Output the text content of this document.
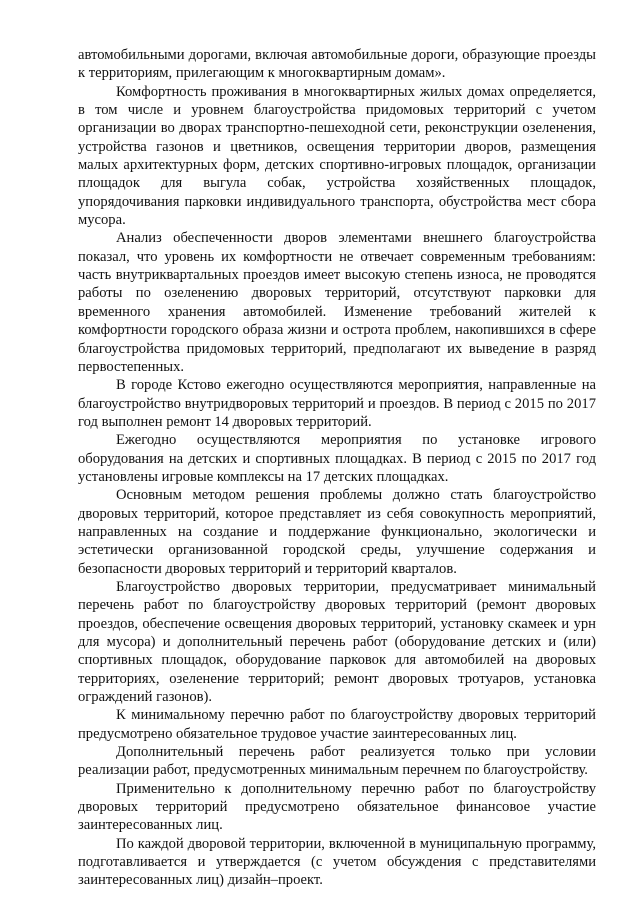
автомобильными дорогами, включая автомобильные дороги, образующие проезды к территориям, прилегающим к многоквартирным домам».

Комфортность проживания в многоквартирных жилых домах определяется, в том числе и уровнем благоустройства придомовых территорий с учетом организации во дворах транспортно-пешеходной сети, реконструкции озеленения, устройства газонов и цветников, освещения территории дворов, размещения малых архитектурных форм, детских спортивно-игровых площадок, организации площадок для выгула собак, устройства хозяйственных площадок, упорядочивания парковки индивидуального транспорта, обустройства мест сбора мусора.

Анализ обеспеченности дворов элементами внешнего благоустройства показал, что уровень их комфортности не отвечает современным требованиям: часть внутриквартальных проездов имеет высокую степень износа, не проводятся работы по озеленению дворовых территорий, отсутствуют парковки для временного хранения автомобилей. Изменение требований жителей к комфортности городского образа жизни и острота проблем, накопившихся в сфере благоустройства придомовых территорий, предполагают их выведение в разряд первостепенных.

В городе Кстово ежегодно осуществляются мероприятия, направленные на благоустройство внутридворовых территорий и проездов. В период с 2015 по 2017 год выполнен ремонт 14 дворовых территорий.

Ежегодно осуществляются мероприятия по установке игрового оборудования на детских и спортивных площадках. В период с 2015 по 2017 год установлены игровые комплексы на 17 детских площадках.

Основным методом решения проблемы должно стать благоустройство дворовых территорий, которое представляет из себя совокупность мероприятий, направленных на создание и поддержание функционально, экологически и эстетически организованной городской среды, улучшение содержания и безопасности дворовых территорий и территорий кварталов.

Благоустройство дворовых территории, предусматривает минимальный перечень работ по благоустройству дворовых территорий (ремонт дворовых проездов, обеспечение освещения дворовых территорий, установку скамеек и урн для мусора) и дополнительный перечень работ (оборудование детских и (или) спортивных площадок, оборудование парковок для автомобилей на дворовых территориях, озеленение территорий; ремонт дворовых тротуаров, установка ограждений газонов).

К минимальному перечню работ по благоустройству дворовых территорий предусмотрено обязательное трудовое участие заинтересованных лиц.

Дополнительный перечень работ реализуется только при условии реализации работ, предусмотренных минимальным перечнем по благоустройству.

Применительно к дополнительному перечню работ по благоустройству дворовых территорий предусмотрено обязательное финансовое участие заинтересованных лиц.

По каждой дворовой территории, включенной в муниципальную программу, подготавливается и утверждается (с учетом обсуждения с представителями заинтересованных лиц) дизайн–проект.
